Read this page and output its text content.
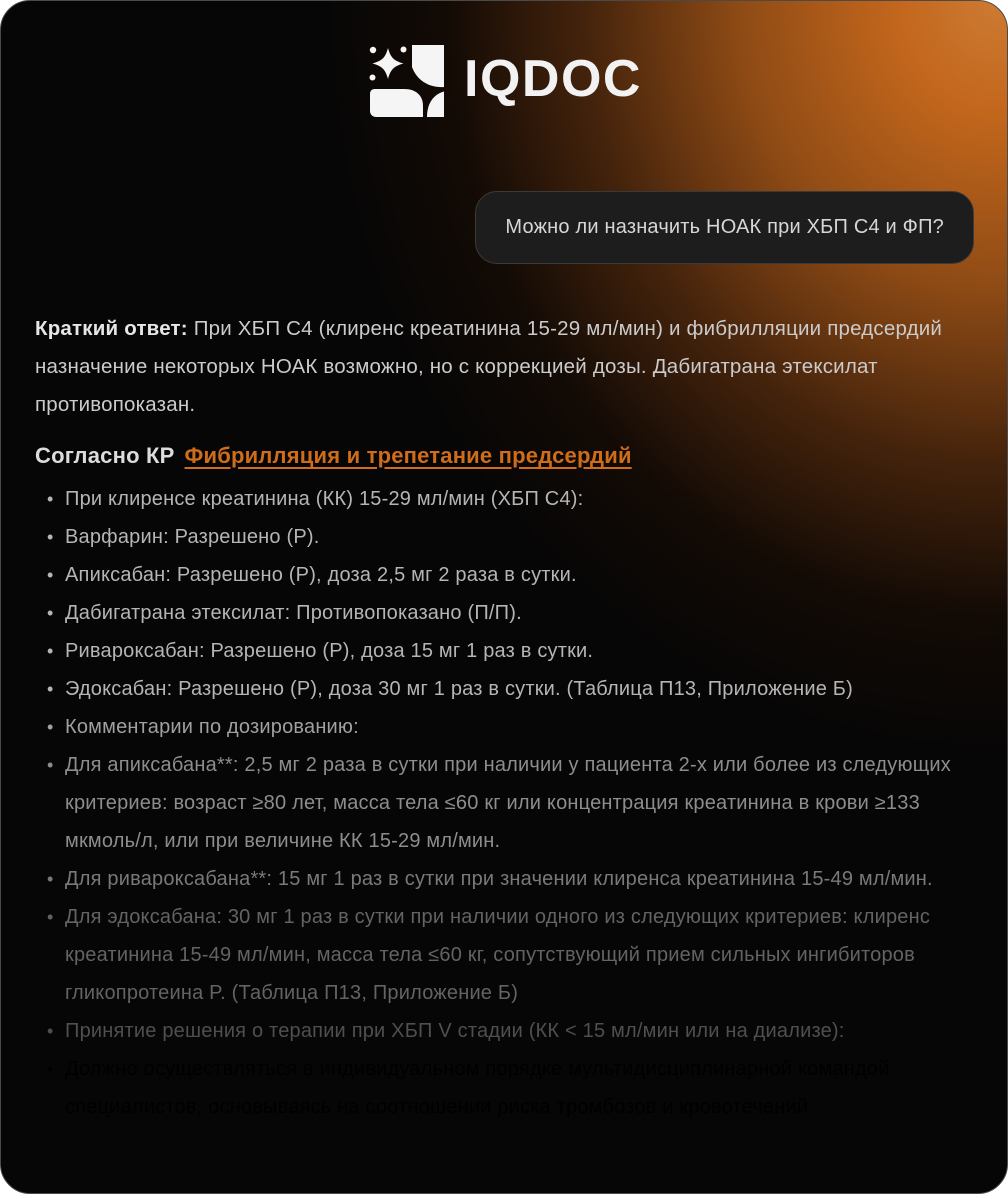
IQDOC
Можно ли назначить НОАК при ХБП С4 и ФП?

Краткий ответ: При ХБП С4 (клиренс креатинина 15-29 мл/мин) и фибрилляции предсердий назначение некоторых НОАК возможно, но с коррекцией дозы. Дабигатрана этексилат противопоказан.

Согласно КР Фибрилляция и трепетание предсердий

• При клиренсе креатинина (КК) 15-29 мл/мин (ХБП С4):
• Варфарин: Разрешено (Р).
• Апиксабан: Разрешено (Р), доза 2,5 мг 2 раза в сутки.
• Дабигатрана этексилат: Противопоказано (П/П).
• Ривароксабан: Разрешено (Р), доза 15 мг 1 раз в сутки.
• Эдоксабан: Разрешено (Р), доза 30 мг 1 раз в сутки. (Таблица П13, Приложение Б)
• Комментарии по дозированию:
• Для апиксабана**: 2,5 мг 2 раза в сутки при наличии у пациента 2-х или более из следующих критериев: возраст ≥80 лет, масса тела ≤60 кг или концентрация креатинина в крови ≥133 мкмоль/л, или при величине КК 15-29 мл/мин.
• Для ривароксабана**: 15 мг 1 раз в сутки при значении клиренса креатинина 15-49 мл/мин.
• Для эдоксабана: 30 мг 1 раз в сутки при наличии одного из следующих критериев: клиренс креатинина 15-49 мл/мин, масса тела ≤60 кг, сопутствующий прием сильных ингибиторов гликопротеина P. (Таблица П13, Приложение Б)
• Принятие решения о терапии при ХБП V стадии (КК < 15 мл/мин или на диализе):
• Должно осуществляться в индивидуальном порядке мультидисциплинарной командой специалистов, основываясь на соотношении риска тромбозов и кровотечений.
